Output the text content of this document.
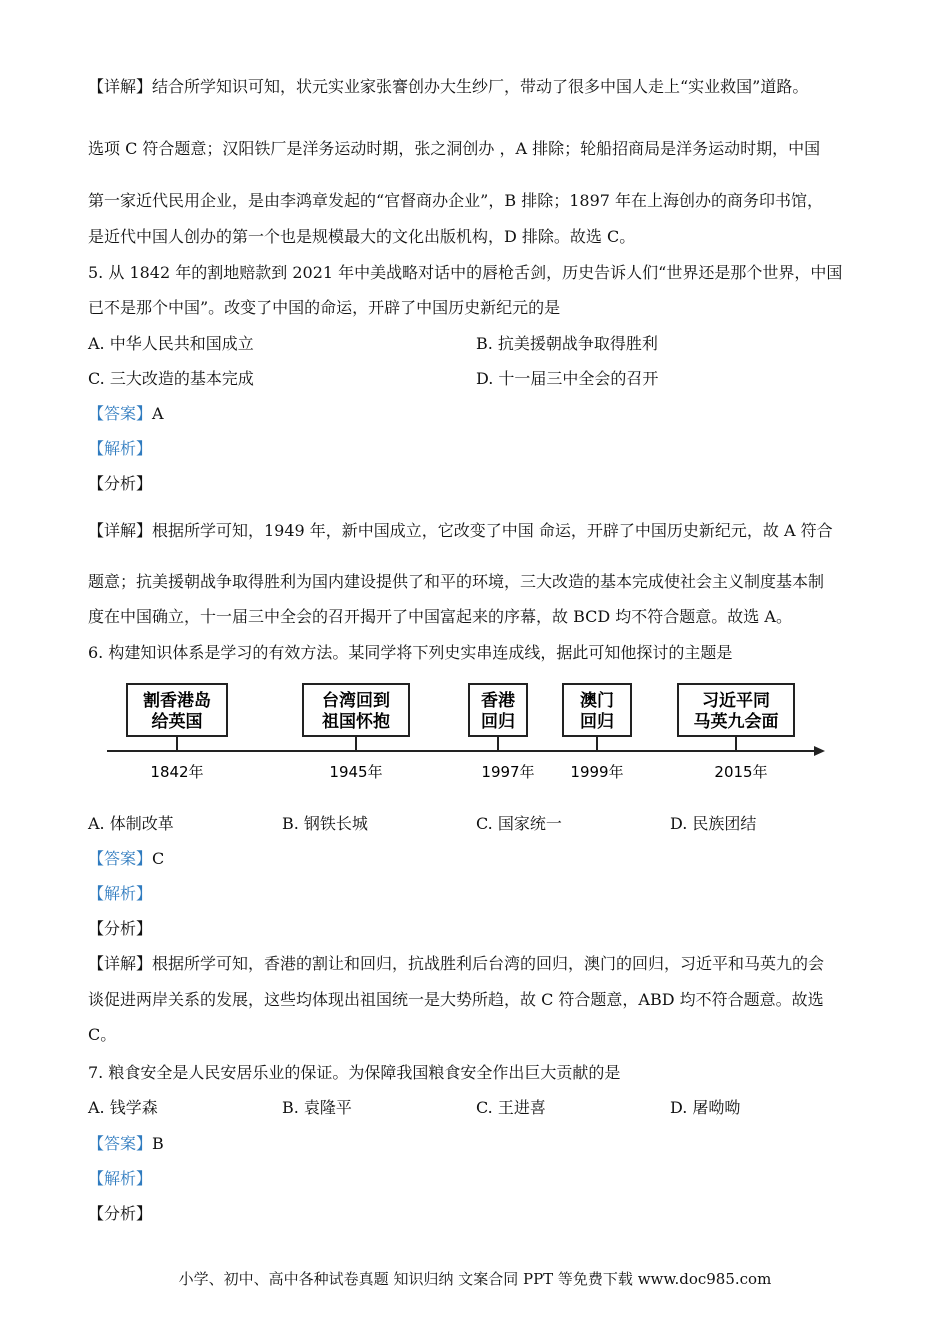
【详解】结合所学知识可知，状元实业家张謇创办大生纱厂，带动了很多中国人走上“实业救国”道路。
选项 C 符合题意；汉阳铁厂是洋务运动时期，张之洞创办 ，A 排除；轮船招商局是洋务运动时期，中国
第一家近代民用企业，是由李鸿章发起的“官督商办企业”，B 排除；1897 年在上海创办的商务印书馆，
是近代中国人创办的第一个也是规模最大的文化出版机构，D 排除。故选 C。
5. 从 1842 年的割地赔款到 2021 年中美战略对话中的唇枪舌剑，历史告诉人们“世界还是那个世界，中国
已不是那个中国”。改变了中国的命运，开辟了中国历史新纪元的是
A. 中华人民共和国成立	B. 抗美援朝战争取得胜利
C. 三大改造的基本完成	D. 十一届三中全会的召开
【答案】A
【解析】
【分析】
【详解】根据所学可知，1949 年，新中国成立，它改变了中国 命运，开辟了中国历史新纪元，故 A 符合
题意；抗美援朝战争取得胜利为国内建设提供了和平的环境，三大改造的基本完成使社会主义制度基本制
度在中国确立，十一届三中全会的召开揭开了中国富起来的序幕，故 BCD 均不符合题意。故选 A。
6. 构建知识体系是学习的有效方法。某同学将下列史实串连成线，据此可知他探讨的主题是
割香港岛
给英国
1842年
台湾回到
祖国怀抱
1945年
香港
回归
1997年
澳门
回归
1999年
习近平同
马英九会面
2015年
A. 体制改革	B. 钢铁长城	C. 国家统一	D. 民族团结
【答案】C
【解析】
【分析】
【详解】根据所学可知，香港的割让和回归，抗战胜利后台湾的回归，澳门的回归，习近平和马英九的会
谈促进两岸关系的发展，这些均体现出祖国统一是大势所趋，故 C 符合题意，ABD 均不符合题意。故选
C。
7. 粮食安全是人民安居乐业的保证。为保障我国粮食安全作出巨大贡献的是
A. 钱学森	B. 袁隆平	C. 王进喜	D. 屠呦呦
【答案】B
【解析】
【分析】
小学、初中、高中各种试卷真题 知识归纳 文案合同 PPT 等免费下载 www.doc985.com
